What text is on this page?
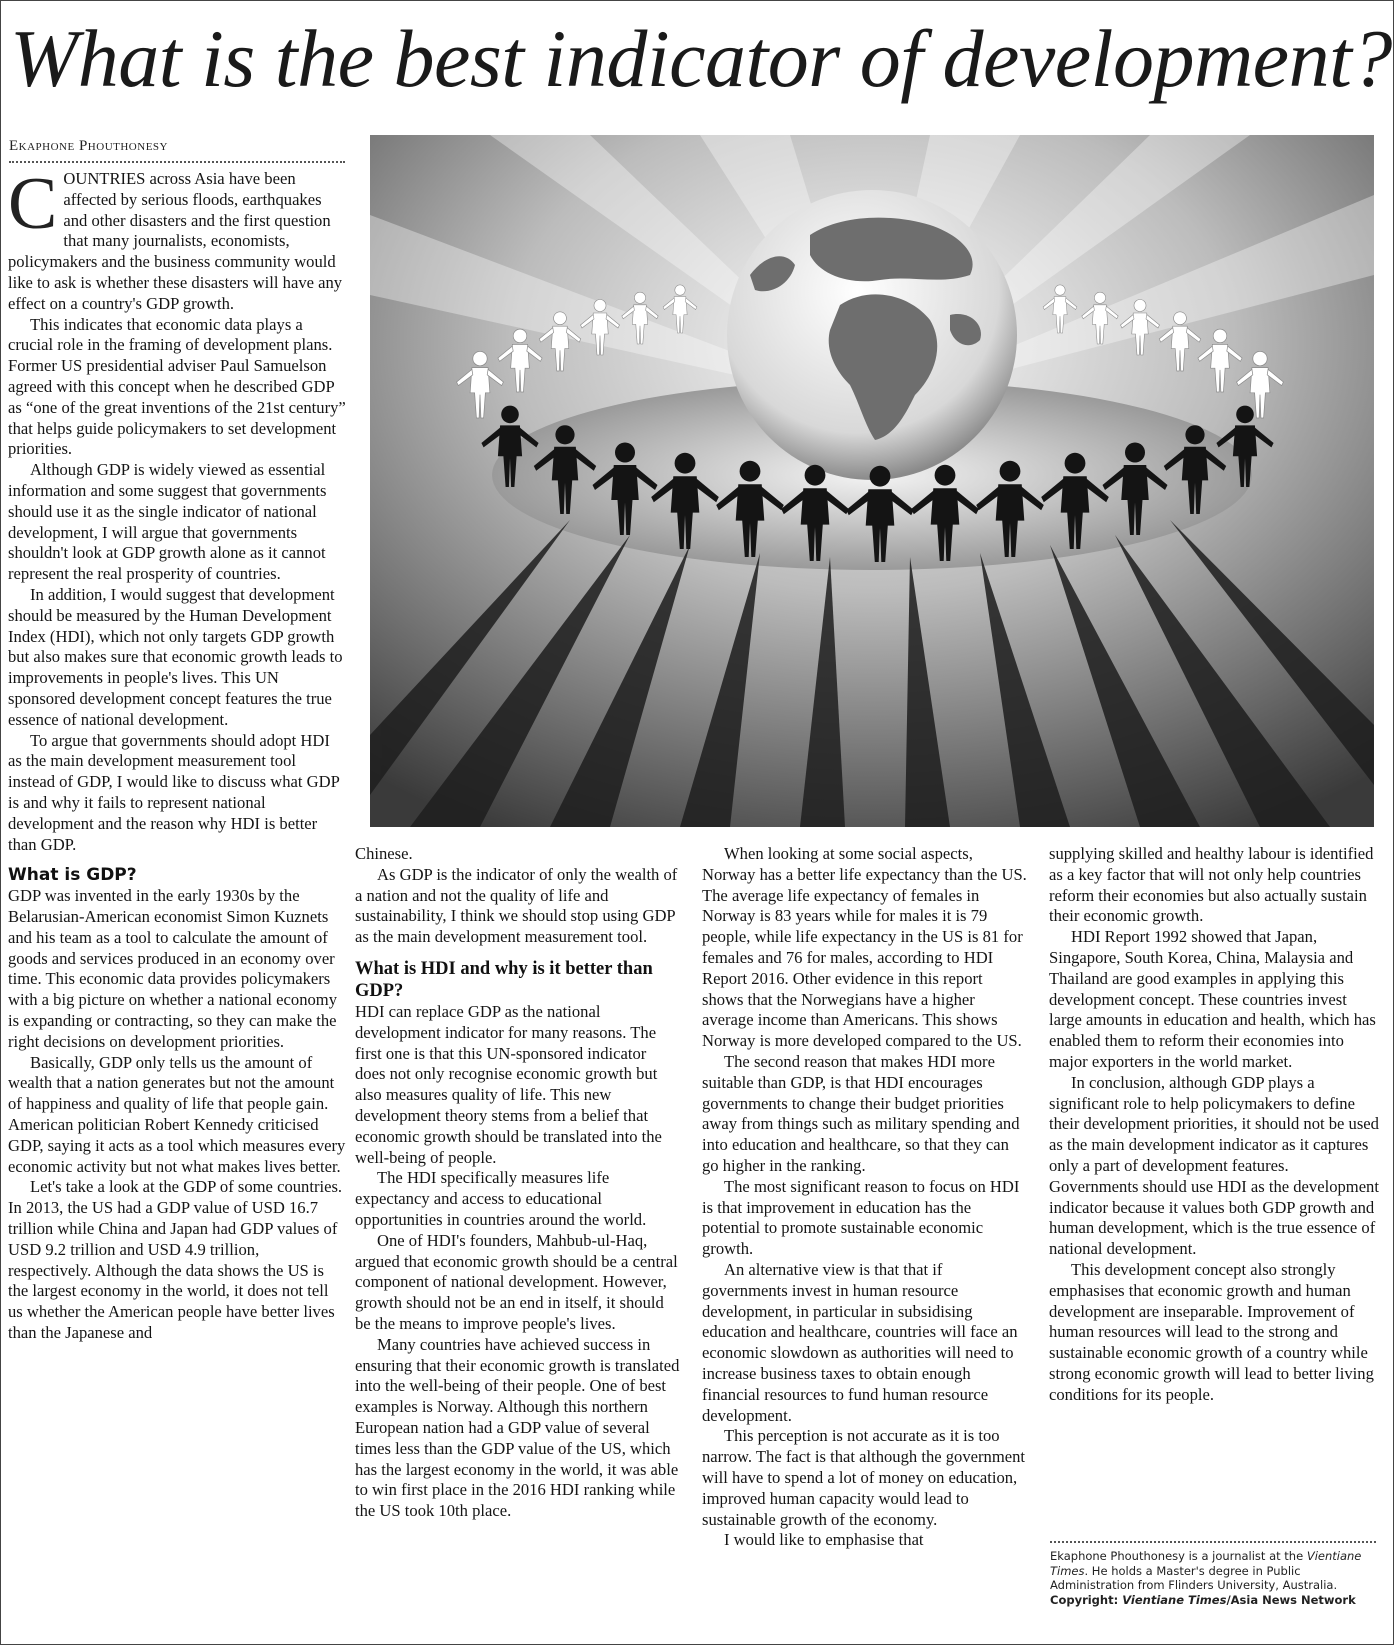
What is the best indicator of development?
Ekaphone Phouthonesy

COUNTRIES across Asia have been affected by serious floods, earthquakes and other disasters and the first question that many journalists, economists, policymakers and the business community would like to ask is whether these disasters will have any effect on a country's GDP growth.

This indicates that economic data plays a crucial role in the framing of development plans. Former US presidential adviser Paul Samuelson agreed with this concept when he described GDP as “one of the great inventions of the 21st century” that helps guide policymakers to set development priorities.

Although GDP is widely viewed as essential information and some suggest that governments should use it as the single indicator of national development, I will argue that governments shouldn't look at GDP growth alone as it cannot represent the real prosperity of countries.

In addition, I would suggest that development should be measured by the Human Development Index (HDI), which not only targets GDP growth but also makes sure that economic growth leads to improvements in people's lives. This UN sponsored development concept features the true essence of national development.

To argue that governments should adopt HDI as the main development measurement tool instead of GDP, I would like to discuss what GDP is and why it fails to represent national development and the reason why HDI is better than GDP.

What is GDP?

GDP was invented in the early 1930s by the Belarusian-American economist Simon Kuznets and his team as a tool to calculate the amount of goods and services produced in an economy over time. This economic data provides policymakers with a big picture on whether a national economy is expanding or contracting, so they can make the right decisions on development priorities.

Basically, GDP only tells us the amount of wealth that a nation generates but not the amount of happiness and quality of life that people gain. American politician Robert Kennedy criticised GDP, saying it acts as a tool which measures every economic activity but not what makes lives better.

Let's take a look at the GDP of some countries. In 2013, the US had a GDP value of USD 16.7 trillion while China and Japan had GDP values of USD 9.2 trillion and USD 4.9 trillion, respectively. Although the data shows the US is the largest economy in the world, it does not tell us whether the American people have better lives than the Japanese and

Chinese.

As GDP is the indicator of only the wealth of a nation and not the quality of life and sustainability, I think we should stop using GDP as the main development measurement tool.

What is HDI and why is it better than GDP?

HDI can replace GDP as the national development indicator for many reasons. The first one is that this UN-sponsored indicator does not only recognise economic growth but also measures quality of life. This new development theory stems from a belief that economic growth should be translated into the well-being of people.

The HDI specifically measures life expectancy and access to educational opportunities in countries around the world.

One of HDI's founders, Mahbub-ul-Haq, argued that economic growth should be a central component of national development. However, growth should not be an end in itself, it should be the means to improve people's lives.

Many countries have achieved success in ensuring that their economic growth is translated into the well-being of their people. One of best examples is Norway. Although this northern European nation had a GDP value of several times less than the GDP value of the US, which has the largest economy in the world, it was able to win first place in the 2016 HDI ranking while the US took 10th place.

When looking at some social aspects, Norway has a better life expectancy than the US. The average life expectancy of females in Norway is 83 years while for males it is 79 people, while life expectancy in the US is 81 for females and 76 for males, according to HDI Report 2016. Other evidence in this report shows that the Norwegians have a higher average income than Americans. This shows Norway is more developed compared to the US.

The second reason that makes HDI more suitable than GDP, is that HDI encourages governments to change their budget priorities away from things such as military spending and into education and healthcare, so that they can go higher in the ranking.

The most significant reason to focus on HDI is that improvement in education has the potential to promote sustainable economic growth.

An alternative view is that that if governments invest in human resource development, in particular in subsidising education and healthcare, countries will face an economic slowdown as authorities will need to increase business taxes to obtain enough financial resources to fund human resource development.

This perception is not accurate as it is too narrow. The fact is that although the government will have to spend a lot of money on education, improved human capacity would lead to sustainable growth of the economy.

I would like to emphasise that

supplying skilled and healthy labour is identified as a key factor that will not only help countries reform their economies but also actually sustain their economic growth.

HDI Report 1992 showed that Japan, Singapore, South Korea, China, Malaysia and Thailand are good examples in applying this development concept. These countries invest large amounts in education and health, which has enabled them to reform their economies into major exporters in the world market.

In conclusion, although GDP plays a significant role to help policymakers to define their development priorities, it should not be used as the main development indicator as it captures only a part of development features. Governments should use HDI as the development indicator because it values both GDP growth and human development, which is the true essence of national development.

This development concept also strongly emphasises that economic growth and human development are inseparable. Improvement of human resources will lead to the strong and sustainable economic growth of a country while strong economic growth will lead to better living conditions for its people.

Ekaphone Phouthonesy is a journalist at the Vientiane Times. He holds a Master's degree in Public Administration from Flinders University, Australia.
Copyright: Vientiane Times/Asia News Network
